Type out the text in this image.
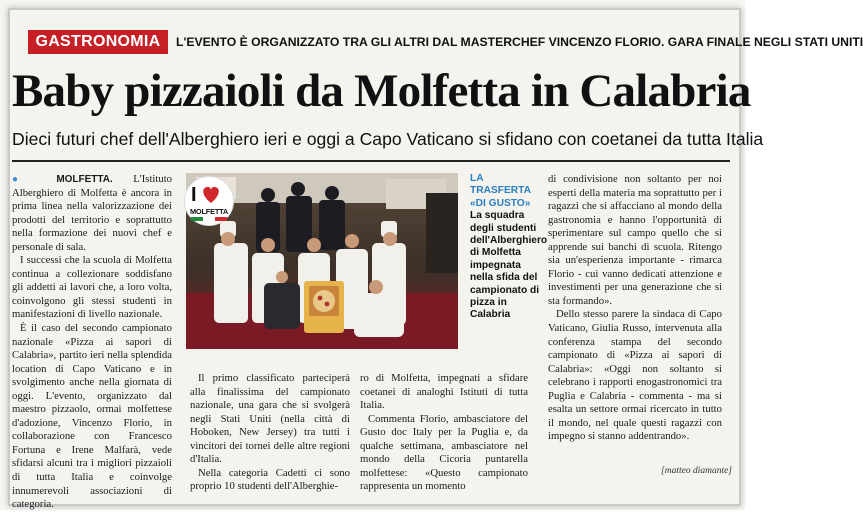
GASTRONOMIA	L'EVENTO È ORGANIZZATO TRA GLI ALTRI DAL MASTERCHEF VINCENZO FLORIO. GARA FINALE NEGLI STATI UNITI
Baby pizzaioli da Molfetta in Calabria
Dieci futuri chef dell'Alberghiero ieri e oggi a Capo Vaticano si sfidano con coetanei da tutta Italia

● MOLFETTA. L'Istituto Alberghiero di Molfetta è ancora in prima linea nella valorizzazione dei prodotti del territorio e soprattutto nella formazione dei nuovi chef e personale di sala.

I successi che la scuola di Molfetta continua a collezionare soddisfano gli addetti ai lavori che, a loro volta, coinvolgono gli stessi studenti in manifestazioni di livello nazionale.

È il caso del secondo campionato nazionale «Pizza ai sapori di Calabria», partito ieri nella splendida location di Capo Vaticano e in svolgimento anche nella giornata di oggi. L'evento, organizzato dal maestro pizzaolo, ormai molfettese d'adozione, Vincenzo Florio, in collaborazione con Francesco Fortuna e Irene Malfarà, vede sfidarsi alcuni tra i migliori pizzaioli di tutta Italia e coinvolge innumerevoli associazioni di categoria.

I
MOLFETTA
LA TRASFERTA «DI GUSTO»
La squadra degli studenti dell'Alberghiero di Molfetta impegnata nella sfida del campionato di pizza in Calabria

Il primo classificato parteciperà alla finalissima del campionato nazionale, una gara che si svolgerà negli Stati Uniti (nella città di Hoboken, New Jersey) tra tutti i vincitori dei tornei delle altre regioni d'Italia.

Nella categoria Cadetti ci sono proprio 10 studenti dell'Alberghie-

ro di Molfetta, impegnati a sfidare coetanei di analoghi Istituti di tutta Italia.

Commenta Florio, ambasciatore del Gusto doc Italy per la Puglia e, da qualche settimana, ambasciatore nel mondo della Cicoria puntarella molfettese: «Questo campionato rappresenta un momento

di condivisione non soltanto per noi esperti della materia ma soprattutto per i ragazzi che si affacciano al mondo della gastronomia e hanno l'opportunità di sperimentare sul campo quello che si apprende sui banchi di scuola. Ritengo sia un'esperienza importante - rimarca Florio - cui vanno dedicati attenzione e investimenti per una generazione che si sta formando».

Dello stesso parere la sindaca di Capo Vaticano, Giulia Russo, intervenuta alla conferenza stampa del secondo campionato di «Pizza ai sapori di Calabria»: «Oggi non soltanto si celebrano i rapporti enogastronomici tra Puglia e Calabria - commenta - ma si esalta un settore ormai ricercato in tutto il mondo, nel quale questi ragazzi con impegno si stanno addentrando».

[matteo diamante]
